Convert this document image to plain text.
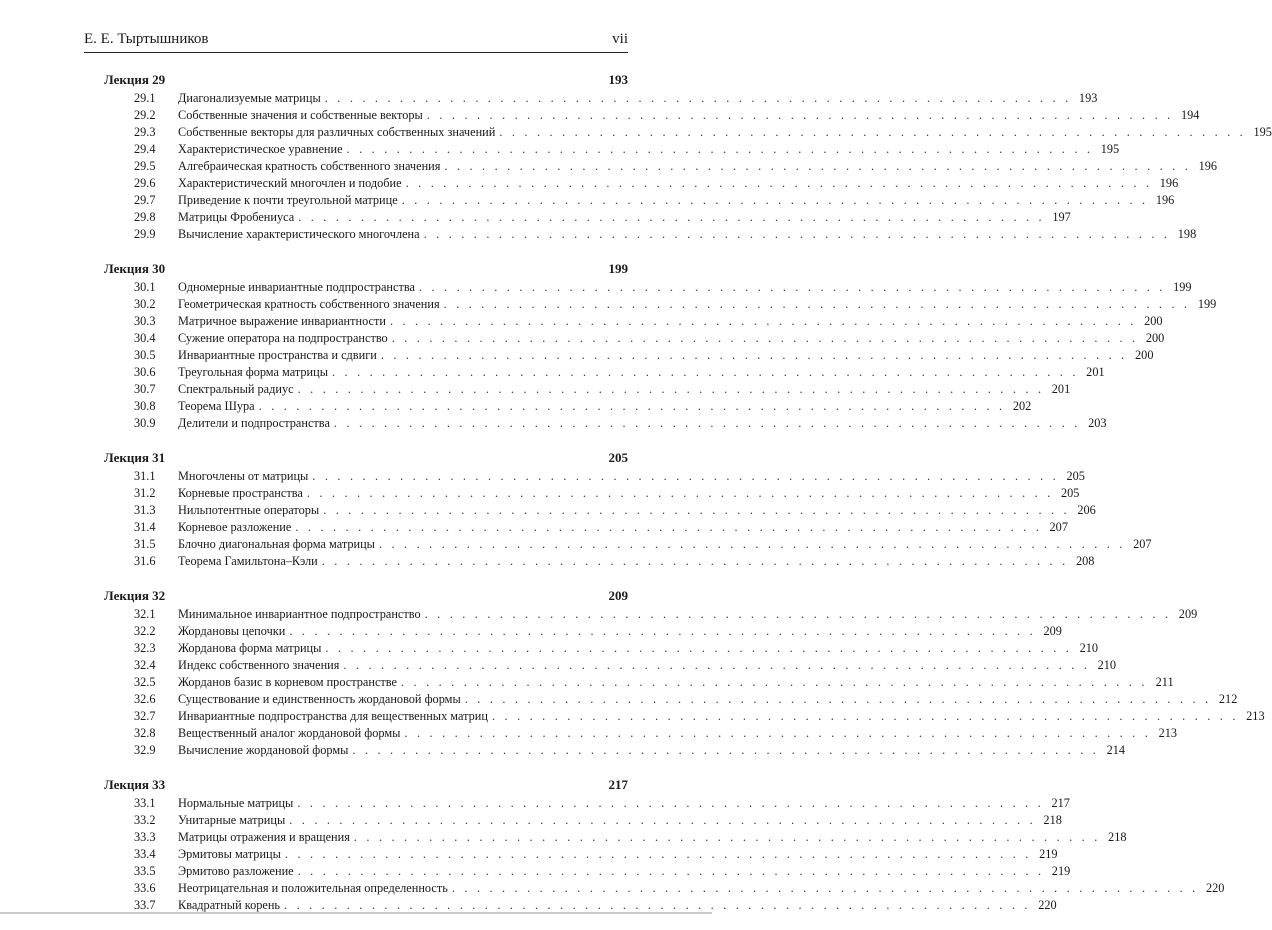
Е. Е. Тыртышников	vii
Лекция 29	193
29.1	Диагонализуемые матрицы . . . . . . . . . . . . . . . . . . . . . . . . . . . . . . . . . . . . . . . . . . . . . . . . . . . . . . . . . . . . 193
29.2	Собственные значения и собственные векторы . . . . . . . . . . . . . . . . . . . . . . . . . . . . . . . . . . . . . . . . . . . . . . . . . . . . . . . . . . . . 194
29.3	Собственные векторы для различных собственных значений . . . . . . . . . . . . . . . . . . . . . . . . . . . . . . . . . . . . . . . . . . . . . . . . . . . . . . . . . . . . 195
29.4	Характеристическое уравнение . . . . . . . . . . . . . . . . . . . . . . . . . . . . . . . . . . . . . . . . . . . . . . . . . . . . . . . . . . . . 195
29.5	Алгебраическая кратность собственного значения . . . . . . . . . . . . . . . . . . . . . . . . . . . . . . . . . . . . . . . . . . . . . . . . . . . . . . . . . . . . 196
29.6	Характеристический многочлен и подобие . . . . . . . . . . . . . . . . . . . . . . . . . . . . . . . . . . . . . . . . . . . . . . . . . . . . . . . . . . . . 196
29.7	Приведение к почти треугольной матрице . . . . . . . . . . . . . . . . . . . . . . . . . . . . . . . . . . . . . . . . . . . . . . . . . . . . . . . . . . . . 196
29.8	Матрицы Фробениуса . . . . . . . . . . . . . . . . . . . . . . . . . . . . . . . . . . . . . . . . . . . . . . . . . . . . . . . . . . . . 197
29.9	Вычисление характеристического многочлена . . . . . . . . . . . . . . . . . . . . . . . . . . . . . . . . . . . . . . . . . . . . . . . . . . . . . . . . . . . . 198
Лекция 30	199
30.1	Одномерные инвариантные подпространства . . . . . . . . . . . . . . . . . . . . . . . . . . . . . . . . . . . . . . . . . . . . . . . . . . . . . . . . . . . . 199
30.2	Геометрическая кратность собственного значения . . . . . . . . . . . . . . . . . . . . . . . . . . . . . . . . . . . . . . . . . . . . . . . . . . . . . . . . . . . . 199
30.3	Матричное выражение инвариантности . . . . . . . . . . . . . . . . . . . . . . . . . . . . . . . . . . . . . . . . . . . . . . . . . . . . . . . . . . . . 200
30.4	Сужение оператора на подпространство . . . . . . . . . . . . . . . . . . . . . . . . . . . . . . . . . . . . . . . . . . . . . . . . . . . . . . . . . . . . 200
30.5	Инвариантные пространства и сдвиги . . . . . . . . . . . . . . . . . . . . . . . . . . . . . . . . . . . . . . . . . . . . . . . . . . . . . . . . . . . . 200
30.6	Треугольная форма матрицы . . . . . . . . . . . . . . . . . . . . . . . . . . . . . . . . . . . . . . . . . . . . . . . . . . . . . . . . . . . . 201
30.7	Спектральный радиус . . . . . . . . . . . . . . . . . . . . . . . . . . . . . . . . . . . . . . . . . . . . . . . . . . . . . . . . . . . . 201
30.8	Теорема Шура . . . . . . . . . . . . . . . . . . . . . . . . . . . . . . . . . . . . . . . . . . . . . . . . . . . . . . . . . . . . 202
30.9	Делители и подпространства . . . . . . . . . . . . . . . . . . . . . . . . . . . . . . . . . . . . . . . . . . . . . . . . . . . . . . . . . . . . 203
Лекция 31	205
31.1	Многочлены от матрицы . . . . . . . . . . . . . . . . . . . . . . . . . . . . . . . . . . . . . . . . . . . . . . . . . . . . . . . . . . . . 205
31.2	Корневые пространства . . . . . . . . . . . . . . . . . . . . . . . . . . . . . . . . . . . . . . . . . . . . . . . . . . . . . . . . . . . . 205
31.3	Нильпотентные операторы . . . . . . . . . . . . . . . . . . . . . . . . . . . . . . . . . . . . . . . . . . . . . . . . . . . . . . . . . . . . 206
31.4	Корневое разложение . . . . . . . . . . . . . . . . . . . . . . . . . . . . . . . . . . . . . . . . . . . . . . . . . . . . . . . . . . . . 207
31.5	Блочно диагональная форма матрицы . . . . . . . . . . . . . . . . . . . . . . . . . . . . . . . . . . . . . . . . . . . . . . . . . . . . . . . . . . . . 207
31.6	Теорема Гамильтона–Кэли . . . . . . . . . . . . . . . . . . . . . . . . . . . . . . . . . . . . . . . . . . . . . . . . . . . . . . . . . . . . 208
Лекция 32	209
32.1	Минимальное инвариантное подпространство . . . . . . . . . . . . . . . . . . . . . . . . . . . . . . . . . . . . . . . . . . . . . . . . . . . . . . . . . . . . 209
32.2	Жордановы цепочки . . . . . . . . . . . . . . . . . . . . . . . . . . . . . . . . . . . . . . . . . . . . . . . . . . . . . . . . . . . . 209
32.3	Жорданова форма матрицы . . . . . . . . . . . . . . . . . . . . . . . . . . . . . . . . . . . . . . . . . . . . . . . . . . . . . . . . . . . . 210
32.4	Индекс собственного значения . . . . . . . . . . . . . . . . . . . . . . . . . . . . . . . . . . . . . . . . . . . . . . . . . . . . . . . . . . . . 210
32.5	Жорданов базис в корневом пространстве . . . . . . . . . . . . . . . . . . . . . . . . . . . . . . . . . . . . . . . . . . . . . . . . . . . . . . . . . . . . 211
32.6	Существование и единственность жордановой формы . . . . . . . . . . . . . . . . . . . . . . . . . . . . . . . . . . . . . . . . . . . . . . . . . . . . . . . . . . . . 212
32.7	Инвариантные подпространства для вещественных матриц . . . . . . . . . . . . . . . . . . . . . . . . . . . . . . . . . . . . . . . . . . . . . . . . . . . . . . . . . . . . 213
32.8	Вещественный аналог жордановой формы . . . . . . . . . . . . . . . . . . . . . . . . . . . . . . . . . . . . . . . . . . . . . . . . . . . . . . . . . . . . 213
32.9	Вычисление жордановой формы . . . . . . . . . . . . . . . . . . . . . . . . . . . . . . . . . . . . . . . . . . . . . . . . . . . . . . . . . . . . 214
Лекция 33	217
33.1	Нормальные матрицы . . . . . . . . . . . . . . . . . . . . . . . . . . . . . . . . . . . . . . . . . . . . . . . . . . . . . . . . . . . . 217
33.2	Унитарные матрицы . . . . . . . . . . . . . . . . . . . . . . . . . . . . . . . . . . . . . . . . . . . . . . . . . . . . . . . . . . . . 218
33.3	Матрицы отражения и вращения . . . . . . . . . . . . . . . . . . . . . . . . . . . . . . . . . . . . . . . . . . . . . . . . . . . . . . . . . . . . 218
33.4	Эрмитовы матрицы . . . . . . . . . . . . . . . . . . . . . . . . . . . . . . . . . . . . . . . . . . . . . . . . . . . . . . . . . . . . 219
33.5	Эрмитово разложение . . . . . . . . . . . . . . . . . . . . . . . . . . . . . . . . . . . . . . . . . . . . . . . . . . . . . . . . . . . . 219
33.6	Неотрицательная и положительная определенность . . . . . . . . . . . . . . . . . . . . . . . . . . . . . . . . . . . . . . . . . . . . . . . . . . . . . . . . . . . . 220
33.7	Квадратный корень . . . . . . . . . . . . . . . . . . . . . . . . . . . . . . . . . . . . . . . . . . . . . . . . . . . . . . . . . . . . 220
